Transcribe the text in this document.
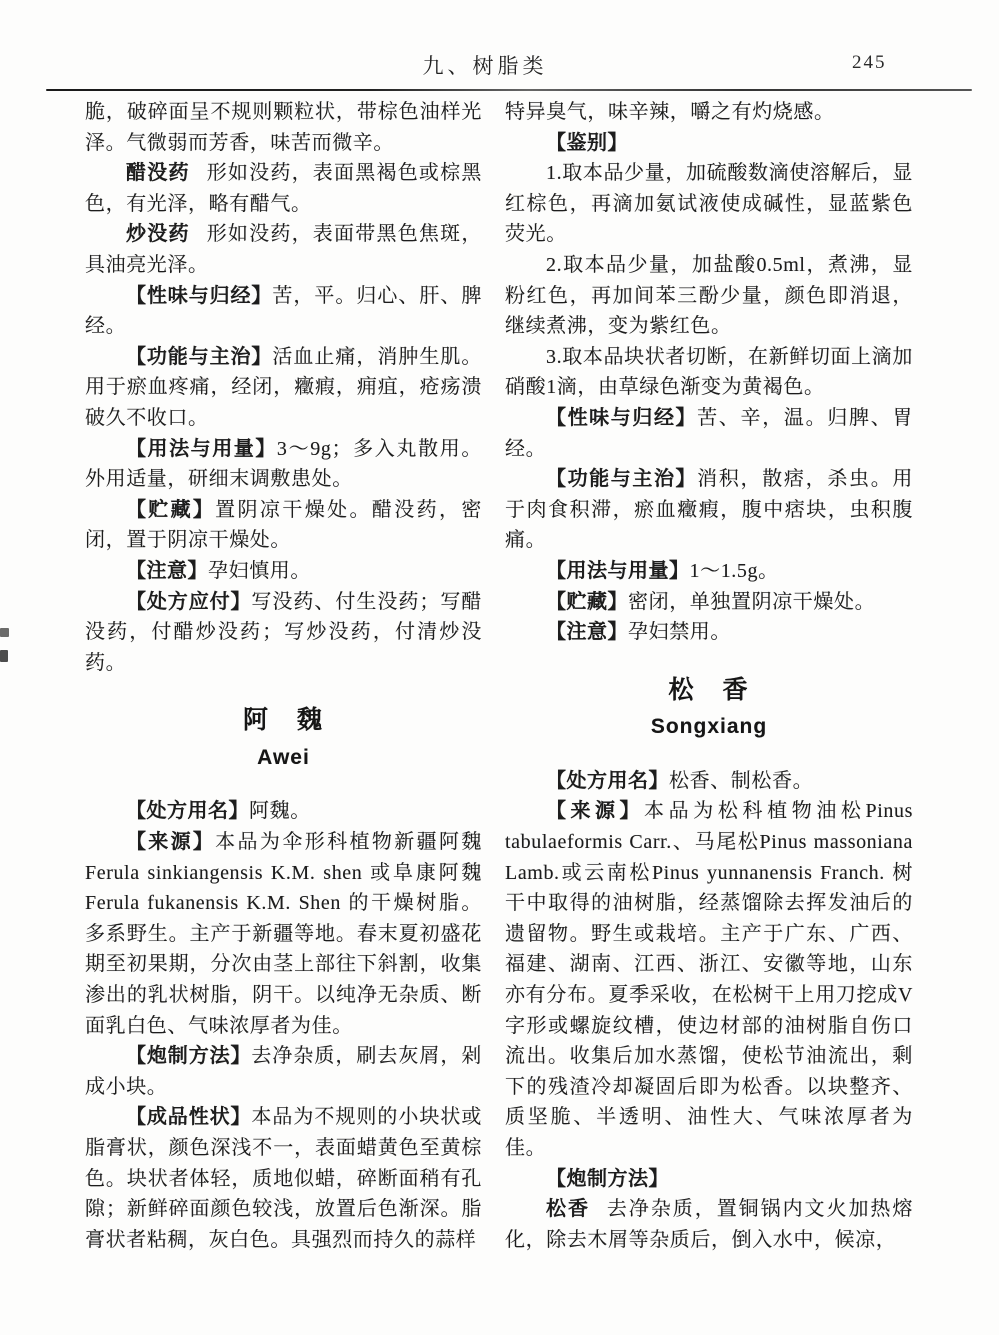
九、树脂类	245

脆，破碎面呈不规则颗粒状，带棕色油样光泽。气微弱而芳香，味苦而微辛。

醋没药 形如没药，表面黑褐色或棕黑色，有光泽，略有醋气。

炒没药 形如没药，表面带黑色焦斑，具油亮光泽。

【性味与归经】苦，平。归心、肝、脾经。

【功能与主治】活血止痛，消肿生肌。用于瘀血疼痛，经闭，癥瘕，痈疽，疮疡溃破久不收口。

【用法与用量】3～9g；多入丸散用。外用适量，研细末调敷患处。

【贮藏】置阴凉干燥处。醋没药，密闭，置于阴凉干燥处。

【注意】孕妇慎用。

【处方应付】写没药、付生没药；写醋没药，付醋炒没药；写炒没药，付清炒没药。

阿　魏
Awei

【处方用名】阿魏。

【来源】本品为伞形科植物新疆阿魏Ferula sinkiangensis K.M. shen 或阜康阿魏Ferula fukanensis K.M. Shen 的干燥树脂。多系野生。主产于新疆等地。春末夏初盛花期至初果期，分次由茎上部往下斜割，收集渗出的乳状树脂，阴干。以纯净无杂质、断面乳白色、气味浓厚者为佳。

【炮制方法】去净杂质，刷去灰屑，剁成小块。

【成品性状】本品为不规则的小块状或脂膏状，颜色深浅不一，表面蜡黄色至黄棕色。块状者体轻，质地似蜡，碎断面稍有孔隙；新鲜碎面颜色较浅，放置后色渐深。脂膏状者粘稠，灰白色。具强烈而持久的蒜样

特异臭气，味辛辣，嚼之有灼烧感。

【鉴别】

1.取本品少量，加硫酸数滴使溶解后，显红棕色，再滴加氨试液使成碱性，显蓝紫色荧光。

2.取本品少量，加盐酸0.5ml，煮沸，显粉红色，再加间苯三酚少量，颜色即消退，继续煮沸，变为紫红色。

3.取本品块状者切断，在新鲜切面上滴加硝酸1滴，由草绿色渐变为黄褐色。

【性味与归经】苦、辛，温。归脾、胃经。

【功能与主治】消积，散痞，杀虫。用于肉食积滞，瘀血癥瘕，腹中痞块，虫积腹痛。

【用法与用量】1～1.5g。

【贮藏】密闭，单独置阴凉干燥处。

【注意】孕妇禁用。

松　香
Songxiang

【处方用名】松香、制松香。

【来源】本品为松科植物油松Pinus tabulaeformis Carr.、马尾松Pinus massoniana Lamb.或云南松Pinus yunnanensis Franch. 树干中取得的油树脂，经蒸馏除去挥发油后的遗留物。野生或栽培。主产于广东、广西、福建、湖南、江西、浙江、安徽等地，山东亦有分布。夏季采收，在松树干上用刀挖成V字形或螺旋纹槽，使边材部的油树脂自伤口流出。收集后加水蒸馏，使松节油流出，剩下的残渣冷却凝固后即为松香。以块整齐、质坚脆、半透明、油性大、气味浓厚者为佳。

【炮制方法】

松香 去净杂质，置铜锅内文火加热熔化，除去木屑等杂质后，倒入水中，候凉，
